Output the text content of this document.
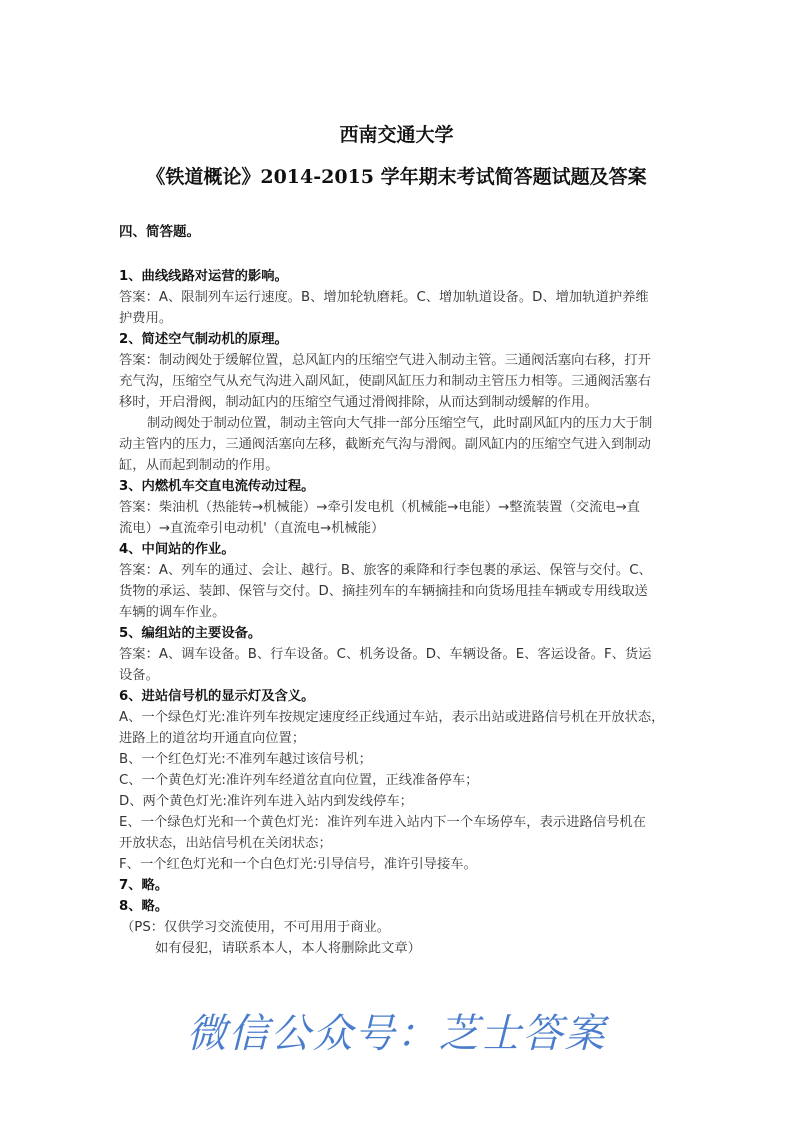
西南交通大学
《铁道概论》2014-2015 学年期末考试简答题试题及答案
四、简答题。
1、曲线线路对运营的影响。
答案：A、限制列车运行速度。B、增加轮轨磨耗。C、增加轨道设备。D、增加轨道护养维
护费用。
2、简述空气制动机的原理。
答案：制动阀处于缓解位置，总风缸内的压缩空气进入制动主管。三通阀活塞向右移，打开
充气沟，压缩空气从充气沟进入副风缸，使副风缸压力和制动主管压力相等。三通阀活塞右
移时，开启滑阀，制动缸内的压缩空气通过滑阀排除，从而达到制动缓解的作用。
制动阀处于制动位置，制动主管向大气排一部分压缩空气，此时副风缸内的压力大于制
动主管内的压力，三通阀活塞向左移，截断充气沟与滑阀。副风缸内的压缩空气进入到制动
缸，从而起到制动的作用。
3、内燃机车交直电流传动过程。
答案：柴油机（热能转→机械能）→牵引发电机（机械能→电能）→整流装置（交流电→直
流电）→直流牵引电动机'（直流电→机械能）
4、中间站的作业。
答案：A、列车的通过、会让、越行。B、旅客的乘降和行李包裹的承运、保管与交付。C、
货物的承运、装卸、保管与交付。D、摘挂列车的车辆摘挂和向货场甩挂车辆或专用线取送
车辆的调车作业。
5、编组站的主要设备。
答案：A、调车设备。B、行车设备。C、机务设备。D、车辆设备。E、客运设备。F、货运
设备。
6、进站信号机的显示灯及含义。
A、一个绿色灯光:准许列车按规定速度经正线通过车站，表示出站或进路信号机在开放状态，
进路上的道岔均开通直向位置；
B、一个红色灯光:不准列车越过该信号机；
C、一个黄色灯光:准许列车经道岔直向位置，正线准备停车；
D、两个黄色灯光:准许列车进入站内到发线停车；
E、一个绿色灯光和一个黄色灯光：准许列车进入站内下一个车场停车，表示进路信号机在
开放状态，出站信号机在关闭状态；
F、一个红色灯光和一个白色灯光:引导信号，准许引导接车。
7、略。
8、略。
（PS：仅供学习交流使用，不可用用于商业。
如有侵犯，请联系本人，本人将删除此文章）
微信公众号：芝士答案
